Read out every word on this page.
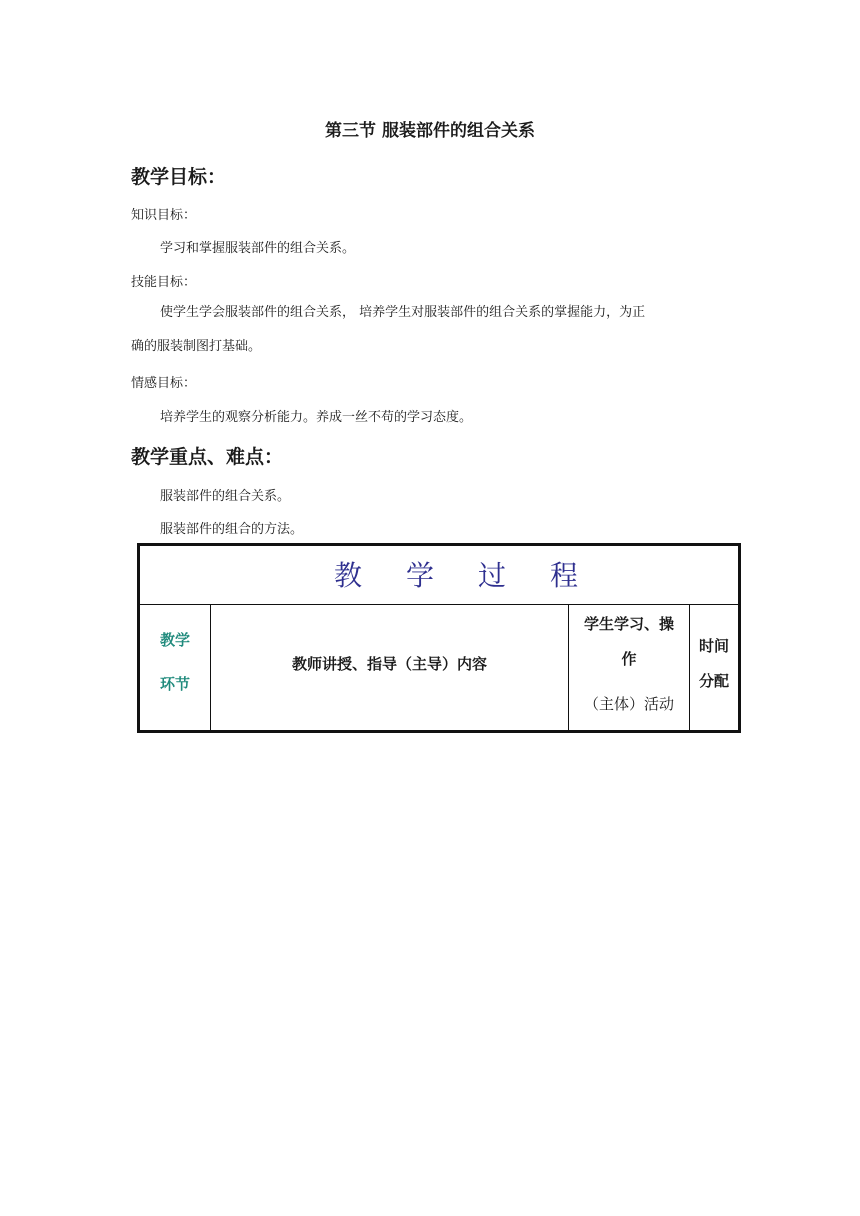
第三节 服装部件的组合关系
教学目标：
知识目标：
学习和掌握服装部件的组合关系。
技能目标：
使学生学会服装部件的组合关系， 培养学生对服装部件的组合关系的掌握能力，为正
确的服装制图打基础。
情感目标：
培养学生的观察分析能力。养成一丝不苟的学习态度。
教学重点、难点：
服装部件的组合关系。
服装部件的组合的方法。
教学过程
教学
环节
教师讲授、指导（主导）内容
学生学习、操
作
（主体）活动
时间
分配
